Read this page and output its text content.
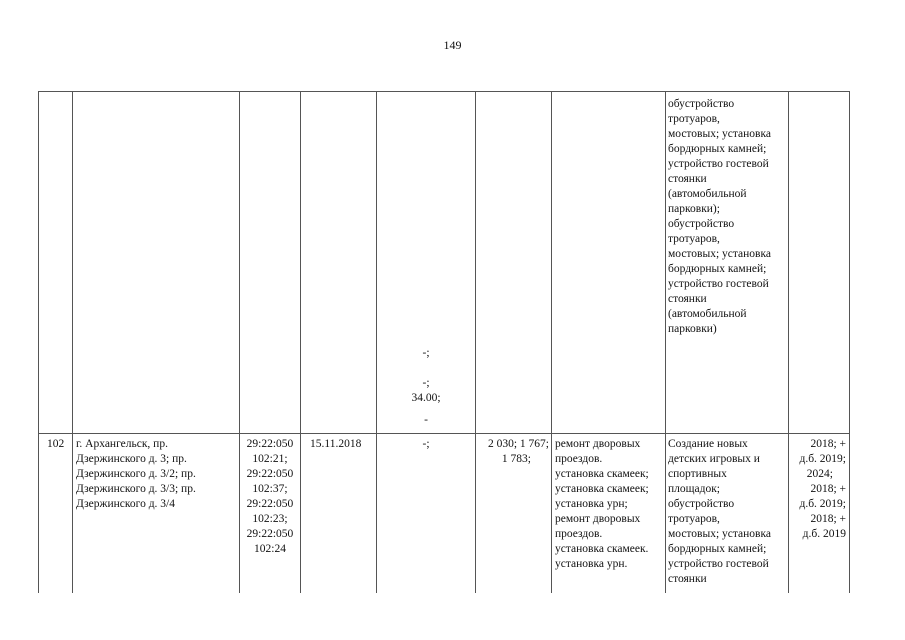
149
обустройство
тротуаров,
мостовых; установка
бордюрных камней;
устройство гостевой
стоянки
(автомобильной
парковки);
обустройство
тротуаров,
мостовых; установка
бордюрных камней;
устройство гостевой
стоянки
(автомобильной
парковки)
-;
-;
34.00;
-
102 г. Архангельск, пр.
Дзержинского д. 3; пр.
Дзержинского д. 3/2; пр.
Дзержинского д. 3/3; пр.
Дзержинского д. 3/4
29:22:050
102:21;
29:22:050
102:37;
29:22:050
102:23;
29:22:050
102:24
15.11.2018	-;	2 030; 1 767;
1 783;
ремонт дворовых
проездов.
установка скамеек;
установка скамеек;
установка урн;
ремонт дворовых
проездов.
установка скамеек.
установка урн.
Создание новых
детских игровых и
спортивных
площадок;
обустройство
тротуаров,
мостовых; установка
бордюрных камней;
устройство гостевой
стоянки
2018; +
д.б. 2019;
2024;
2018; +
д.б. 2019;
2018; +
д.б. 2019
